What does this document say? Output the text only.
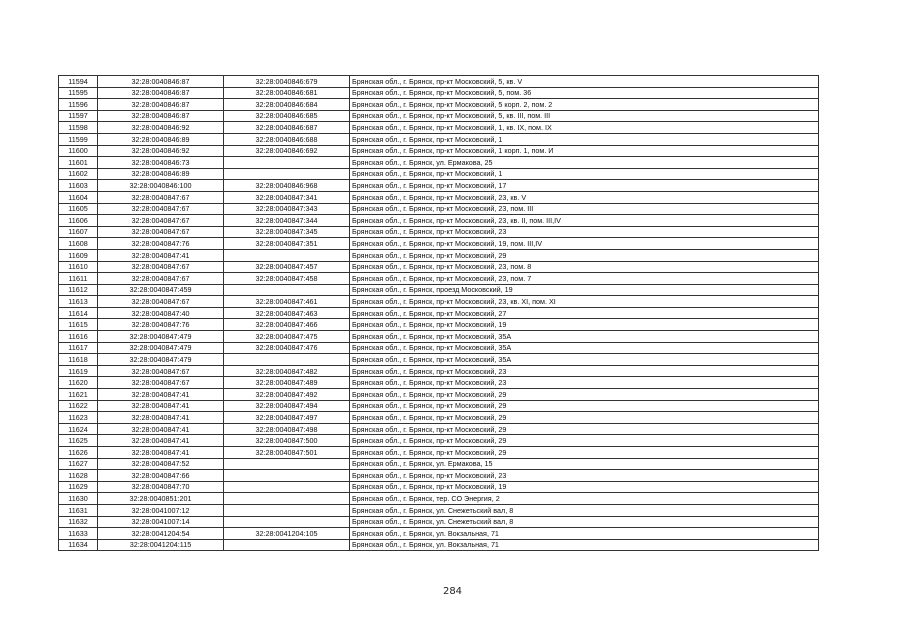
11594	32:28:0040846:87	32:28:0040846:679	Брянская обл., г. Брянск, пр-кт Московский, 5, кв. V
11595	32:28:0040846:87	32:28:0040846:681	Брянская обл., г. Брянск, пр-кт Московский, 5, пом. 36
11596	32:28:0040846:87	32:28:0040846:684	Брянская обл., г. Брянск, пр-кт Московский, 5 корп. 2, пом. 2
11597	32:28:0040846:87	32:28:0040846:685	Брянская обл., г. Брянск, пр-кт Московский, 5, кв. III, пом. III
11598	32:28:0040846:92	32:28:0040846:687	Брянская обл., г. Брянск, пр-кт Московский, 1, кв. IX, пом. IX
11599	32:28:0040846:89	32:28:0040846:688	Брянская обл., г. Брянск, пр-кт Московский, 1
11600	32:28:0040846:92	32:28:0040846:692	Брянская обл., г. Брянск, пр-кт Московский, 1 корп. 1, пом. И
11601	32:28:0040846:73		Брянская обл., г. Брянск, ул. Ермакова, 25
11602	32:28:0040846:89		Брянская обл., г. Брянск, пр-кт Московский, 1
11603	32:28:0040846:100	32:28:0040846:968	Брянская обл., г. Брянск, пр-кт Московский, 17
11604	32:28:0040847:67	32:28:0040847:341	Брянская обл., г. Брянск, пр-кт Московский, 23, кв. V
11605	32:28:0040847:67	32:28:0040847:343	Брянская обл., г. Брянск, пр-кт Московский, 23, пом. III
11606	32:28:0040847:67	32:28:0040847:344	Брянская обл., г. Брянск, пр-кт Московский, 23, кв. II, пом. III,IV
11607	32:28:0040847:67	32:28:0040847:345	Брянская обл., г. Брянск, пр-кт Московский, 23
11608	32:28:0040847:76	32:28:0040847:351	Брянская обл., г. Брянск, пр-кт Московский, 19, пом. III,IV
11609	32:28:0040847:41		Брянская обл., г. Брянск, пр-кт Московский, 29
11610	32:28:0040847:67	32:28:0040847:457	Брянская обл., г. Брянск, пр-кт Московский, 23, пом. 8
11611	32:28:0040847:67	32:28:0040847:458	Брянская обл., г. Брянск, пр-кт Московский, 23, пом. 7
11612	32:28:0040847:459		Брянская обл., г. Брянск, проезд Московский, 19
11613	32:28:0040847:67	32:28:0040847:461	Брянская обл., г. Брянск, пр-кт Московский, 23, кв. XI, пом. XI
11614	32:28:0040847:40	32:28:0040847:463	Брянская обл., г. Брянск, пр-кт Московский, 27
11615	32:28:0040847:76	32:28:0040847:466	Брянская обл., г. Брянск, пр-кт Московский, 19
11616	32:28:0040847:479	32:28:0040847:475	Брянская обл., г. Брянск, пр-кт Московский, 35А
11617	32:28:0040847:479	32:28:0040847:476	Брянская обл., г. Брянск, пр-кт Московский, 35А
11618	32:28:0040847:479		Брянская обл., г. Брянск, пр-кт Московский, 35А
11619	32:28:0040847:67	32:28:0040847:482	Брянская обл., г. Брянск, пр-кт Московский, 23
11620	32:28:0040847:67	32:28:0040847:489	Брянская обл., г. Брянск, пр-кт Московский, 23
11621	32:28:0040847:41	32:28:0040847:492	Брянская обл., г. Брянск, пр-кт Московский, 29
11622	32:28:0040847:41	32:28:0040847:494	Брянская обл., г. Брянск, пр-кт Московский, 29
11623	32:28:0040847:41	32:28:0040847:497	Брянская обл., г. Брянск, пр-кт Московский, 29
11624	32:28:0040847:41	32:28:0040847:498	Брянская обл., г. Брянск, пр-кт Московский, 29
11625	32:28:0040847:41	32:28:0040847:500	Брянская обл., г. Брянск, пр-кт Московский, 29
11626	32:28:0040847:41	32:28:0040847:501	Брянская обл., г. Брянск, пр-кт Московский, 29
11627	32:28:0040847:52		Брянская обл., г. Брянск, ул. Ермакова, 15
11628	32:28:0040847:66		Брянская обл., г. Брянск, пр-кт Московский, 23
11629	32:28:0040847:70		Брянская обл., г. Брянск, пр-кт Московский, 19
11630	32:28:0040851:201		Брянская обл., г. Брянск, тер. СО Энергия, 2
11631	32:28:0041007:12		Брянская обл., г. Брянск, ул. Снежетьский вал, 8
11632	32:28:0041007:14		Брянская обл., г. Брянск, ул. Снежетьский вал, 8
11633	32:28:0041204:54	32:28:0041204:105	Брянская обл., г. Брянск, ул. Вокзальная, 71
11634	32:28:0041204:115		Брянская обл., г. Брянск, ул. Вокзальная, 71
284
